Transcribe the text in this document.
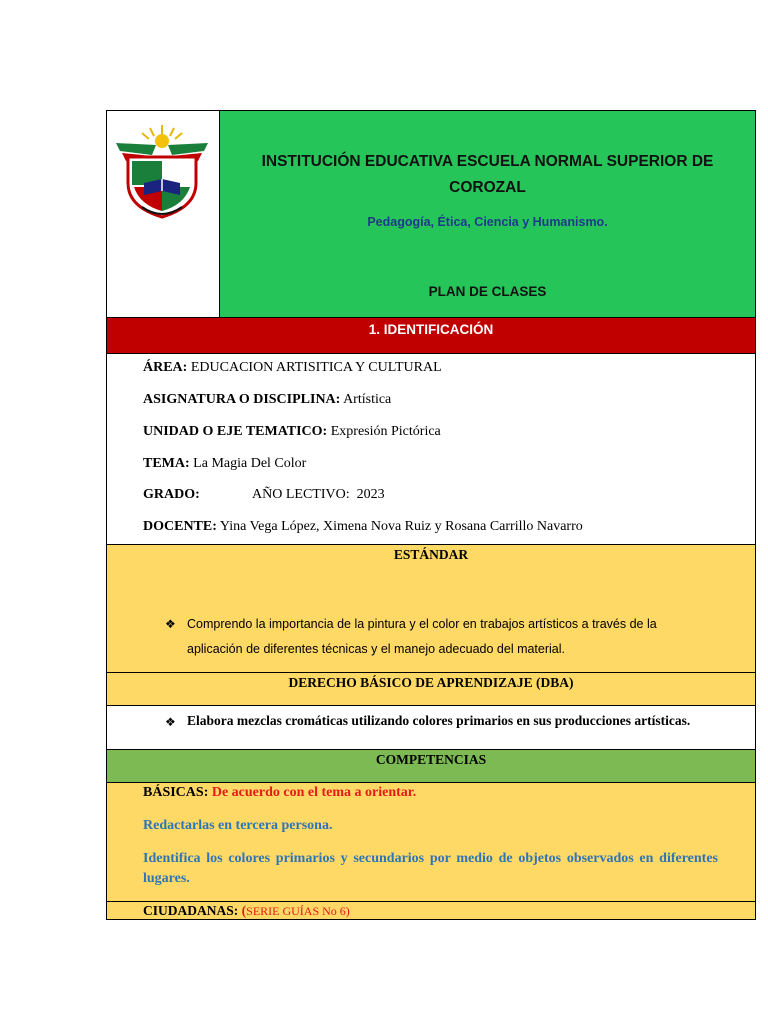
INSTITUCIÓN EDUCATIVA ESCUELA NORMAL SUPERIOR DE COROZAL
Pedagogía, Ética, Ciencia y Humanismo.
PLAN DE CLASES
1. IDENTIFICACIÓN
ÁREA: EDUCACION ARTISITICA Y CULTURAL
ASIGNATURA O DISCIPLINA: Artística
UNIDAD O EJE TEMATICO: Expresión Pictórica
TEMA: La Magia Del Color
GRADO:	AÑO LECTIVO:  2023
DOCENTE: Yina Vega López, Ximena Nova Ruiz y Rosana Carrillo Navarro
ESTÁNDAR
❖ Comprendo la importancia de la pintura y el color en trabajos artísticos a través de la aplicación de diferentes técnicas y el manejo adecuado del material.
DERECHO BÁSICO DE APRENDIZAJE (DBA)
❖ Elabora mezclas cromáticas utilizando colores primarios en sus producciones artísticas.
COMPETENCIAS
BÁSICAS: De acuerdo con el tema a orientar.
Redactarlas en tercera persona.
Identifica los colores primarios y secundarios por medio de objetos observados en diferentes lugares.
CIUDADANAS: (SERIE GUÍAS No 6)
